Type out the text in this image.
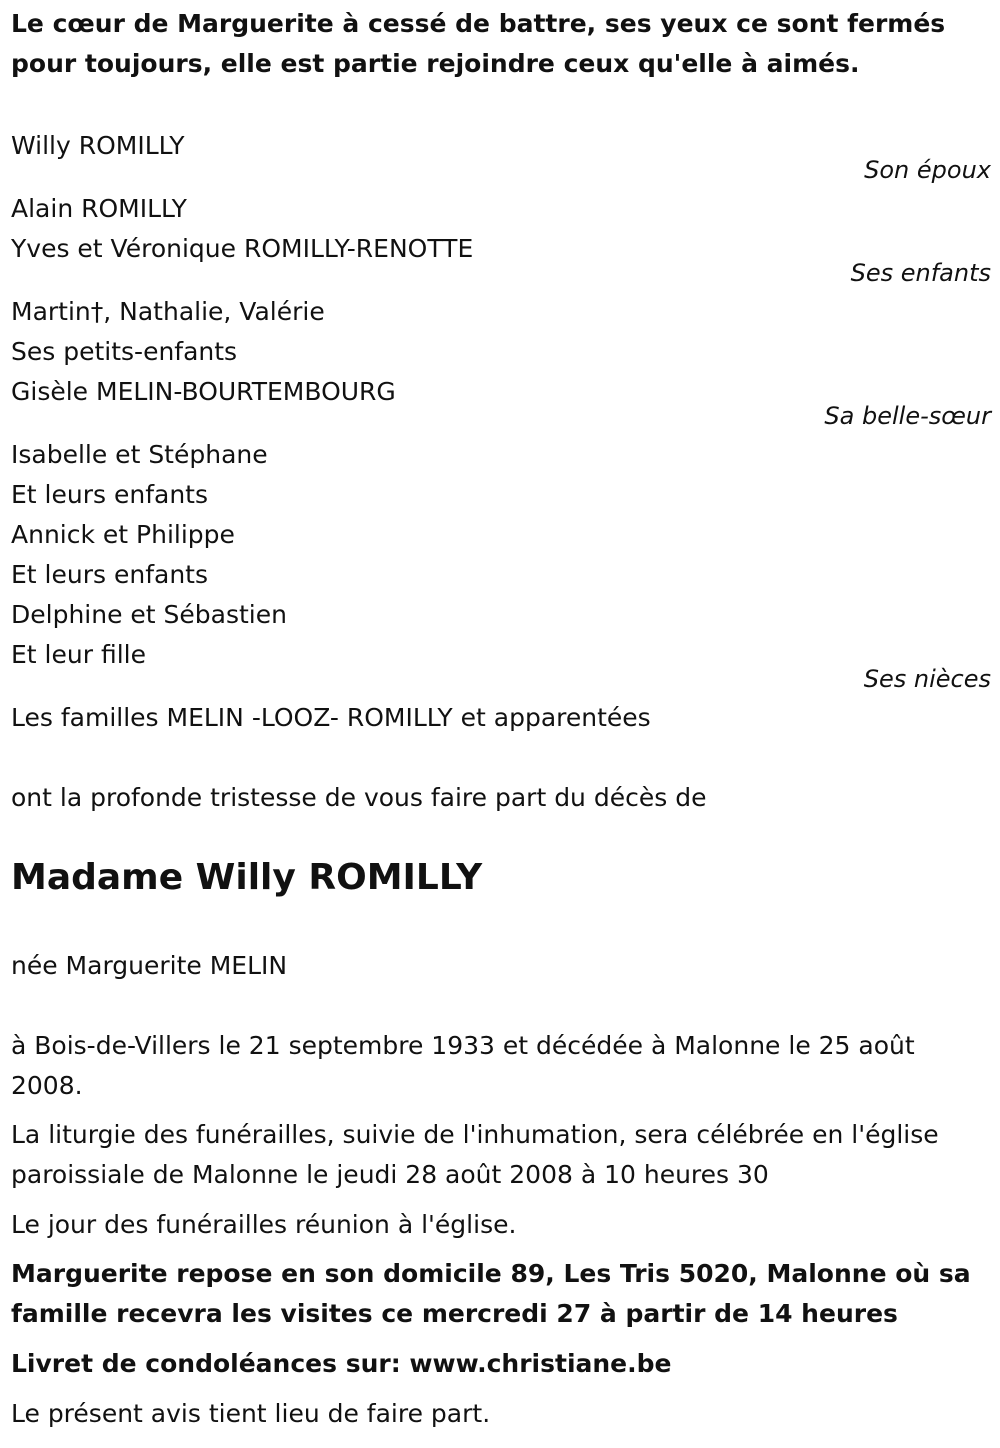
Le cœur de Marguerite à cessé de battre, ses yeux ce sont fermés pour toujours, elle est partie rejoindre ceux qu'elle à aimés.

Willy ROMILLY

Son époux

Alain ROMILLY

Yves et Véronique ROMILLY-RENOTTE

Ses enfants

Martin†, Nathalie, Valérie

Ses petits-enfants

Gisèle MELIN-BOURTEMBOURG

Sa belle-sœur

Isabelle et Stéphane

Et leurs enfants

Annick et Philippe

Et leurs enfants

Delphine et Sébastien

Et leur fille

Ses nièces

Les familles MELIN -LOOZ- ROMILLY et apparentées

ont la profonde tristesse de vous faire part du décès de

Madame Willy ROMILLY

née Marguerite MELIN

à Bois-de-Villers le 21 septembre 1933 et décédée à Malonne le 25 août 2008.

La liturgie des funérailles, suivie de l'inhumation, sera célébrée en l'église paroissiale de Malonne le jeudi 28 août 2008 à 10 heures 30

Le jour des funérailles réunion à l'église.

Marguerite repose en son domicile 89, Les Tris 5020, Malonne où sa famille recevra les visites ce mercredi 27 à partir de 14 heures

Livret de condoléances sur: www.christiane.be

Le présent avis tient lieu de faire part.
